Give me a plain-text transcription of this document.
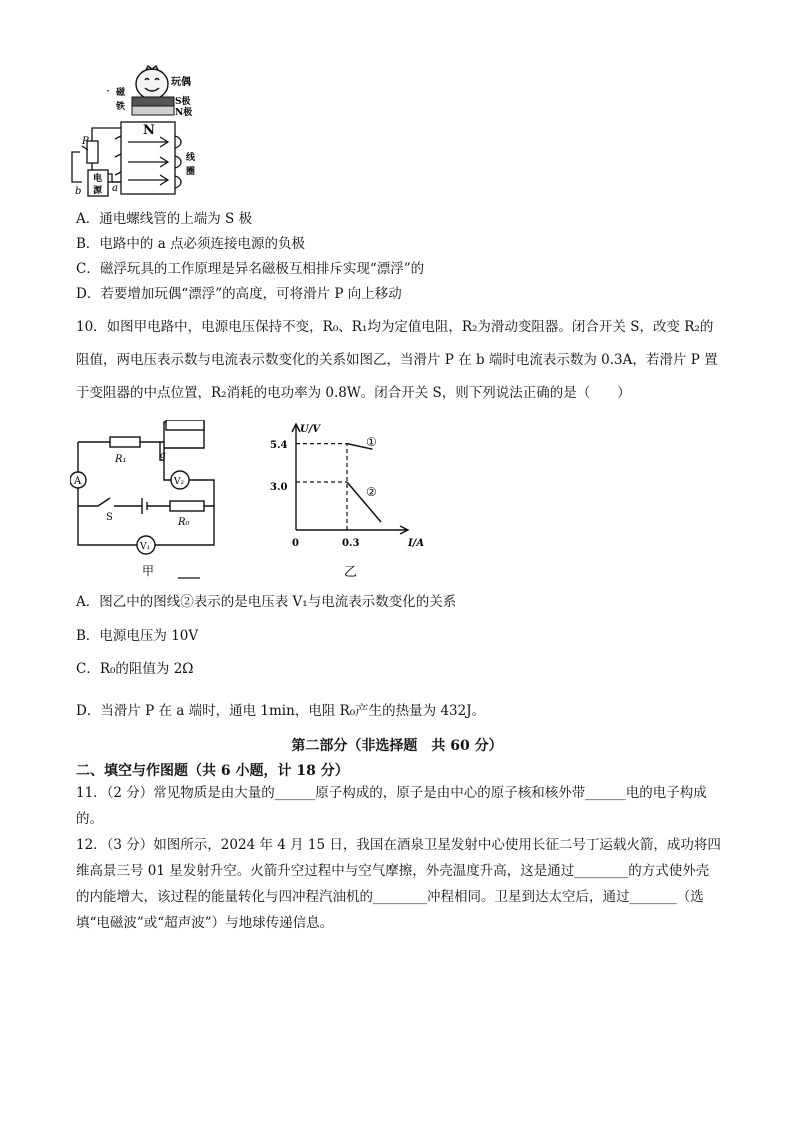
N
玩偶
S极
N极
· 磁
铁
线
圈
P
电
源
b	a
A．通电螺线管的上端为 S 极
B．电路中的 a 点必须连接电源的负极
C．磁浮玩具的工作原理是异名磁极互相排斥实现“漂浮”的
D．若要增加玩偶“漂浮”的高度，可将滑片 P 向上移动
10．如图甲电路中，电源电压保持不变，R₀、R₁均为定值电阻，R₂为滑动变阻器。闭合开关 S，改变 R₂的
阻值，两电压表示数与电流表示数变化的关系如图乙，当滑片 P 在 b 端时电流表示数为 0.3A，若滑片 P 置
于变阻器的中点位置，R₂消耗的电功率为 0.8W。闭合开关 S，则下列说法正确的是（　　）
R₁
R₀
A	V₂
V₁
S
a
甲
U/V
I/A
5.4
3.0
0	0.3
①
②
乙
A．图乙中的图线②表示的是电压表 V₁与电流表示数变化的关系
B．电源电压为 10V
C．R₀的阻值为 2Ω
D．当滑片 P 在 a 端时，通电 1min，电阻 R₀产生的热量为 432J。
第二部分（非选择题　共 60 分）
二、填空与作图题（共 6 小题，计 18 分）
11．（2 分）常见物质是由大量的______原子构成的，原子是由中心的原子核和核外带______电的电子构成
的。
12．（3 分）如图所示，2024 年 4 月 15 日，我国在酒泉卫星发射中心使用长征二号丁运载火箭，成功将四
维高景三号 01 星发射升空。火箭升空过程中与空气摩擦，外壳温度升高，这是通过________的方式使外壳
的内能增大，该过程的能量转化与四冲程汽油机的________冲程相同。卫星到达太空后，通过_______（选
填“电磁波”或“超声波”）与地球传递信息。
